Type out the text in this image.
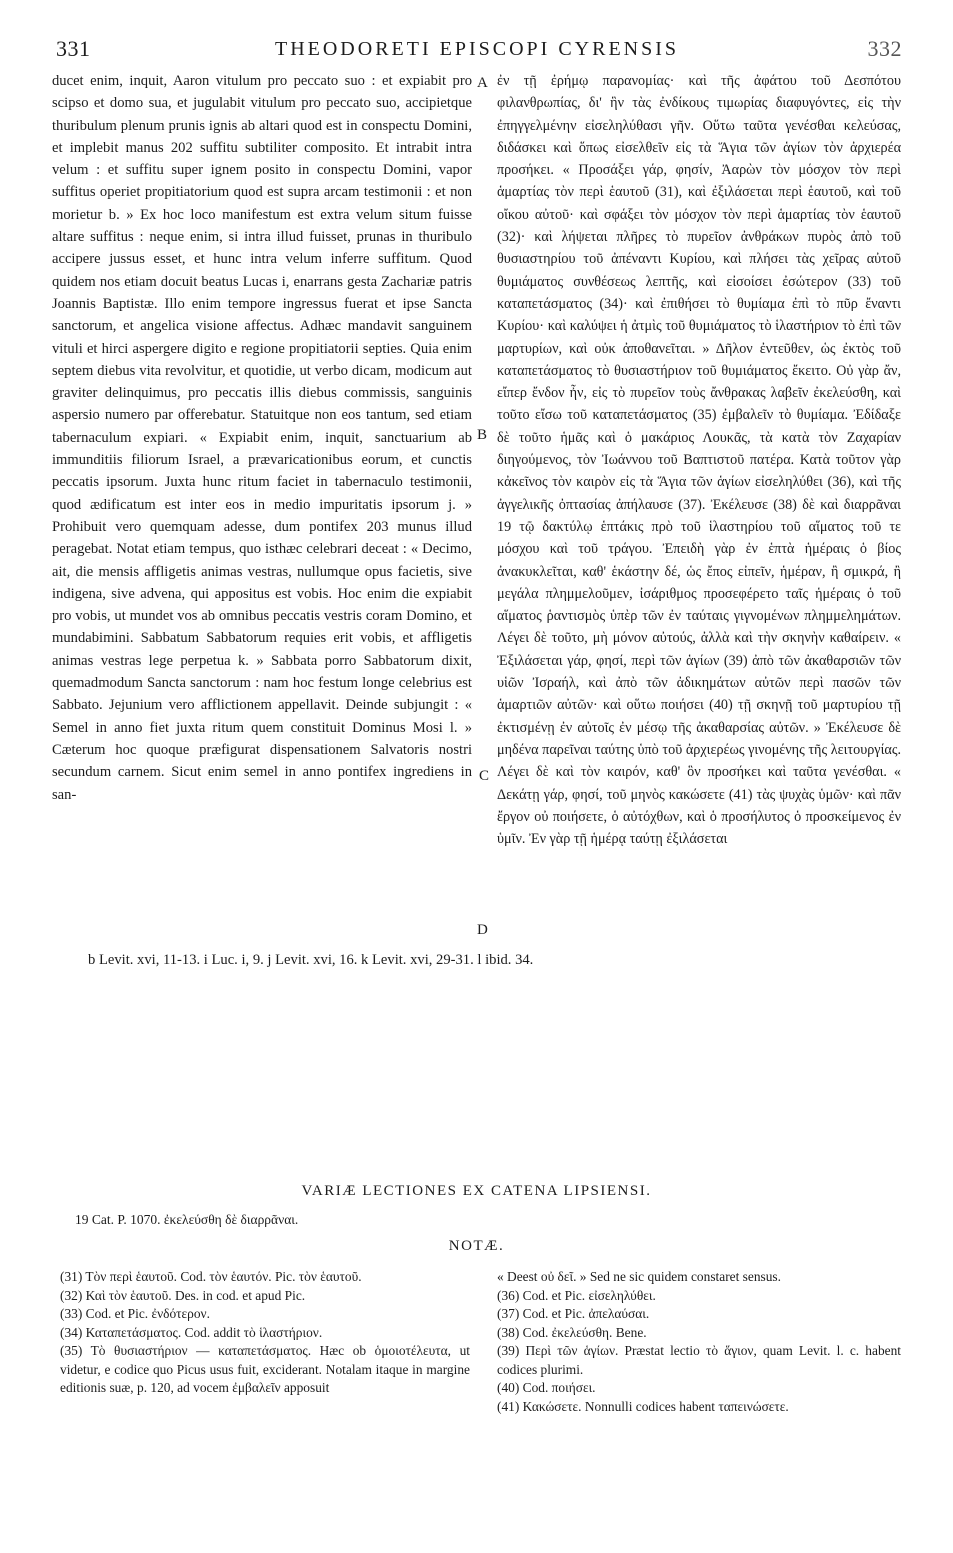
331	THEODORETI EPISCOPI CYRENSIS	332

ducet enim, inquit, Aaron vitulum pro peccato suo : et expiabit pro scipso et domo sua, et jugulabit vitulum pro peccato suo, accipietque thuribulum plenum prunis ignis ab altari quod est in conspectu Domini, et implebit manus 202 suffitu subtiliter composito. Et intrabit intra velum : et suffitu super ignem posito in conspectu Domini, vapor suffitus operiet propitiatorium quod est supra arcam testimonii : et non morietur b. » Ex hoc loco manifestum est extra velum situm fuisse altare suffitus : neque enim, si intra illud fuisset, prunas in thuribulo accipere jussus esset, et hunc intra velum inferre suffitum. Quod quidem nos etiam docuit beatus Lucas i, enarrans gesta Zachariæ patris Joannis Baptistæ. Illo enim tempore ingressus fuerat et ipse Sancta sanctorum, et angelica visione affectus. Adhæc mandavit sanguinem vituli et hirci aspergere digito e regione propitiatorii septies. Quia enim septem diebus vita revolvitur, et quotidie, ut verbo dicam, modicum aut graviter delinquimus, pro peccatis illis diebus commissis, sanguinis aspersio numero par offerebatur. Statuitque non eos tantum, sed etiam tabernaculum expiari. « Expiabit enim, inquit, sanctuarium ab immunditiis filiorum Israel, a prævaricationibus eorum, et cunctis peccatis ipsorum. Juxta hunc ritum faciet in tabernaculo testimonii, quod ædificatum est inter eos in medio impuritatis ipsorum j. » Prohibuit vero quemquam adesse, dum pontifex 203 munus illud peragebat. Notat etiam tempus, quo isthæc celebrari deceat : « Decimo, ait, die mensis affligetis animas vestras, nullumque opus facietis, sive indigena, sive advena, qui appositus est vobis. Hoc enim die expiabit pro vobis, ut mundet vos ab omnibus peccatis vestris coram Domino, et mundabimini. Sabbatum Sabbatorum requies erit vobis, et affligetis animas vestras lege perpetua k. » Sabbata porro Sabbatorum dixit, quemadmodum Sancta sanctorum : nam hoc festum longe celebrius est Sabbato. Jejunium vero afflictionem appellavit. Deinde subjungit : « Semel in anno fiet juxta ritum quem constituit Dominus Mosi l. » Cæterum hoc quoque præfigurat dispensationem Salvatoris nostri secundum carnem. Sicut enim semel in anno pontifex ingrediens in san-

A
B
C
D

ἐν τῇ ἐρήμῳ παρανομίας· καὶ τῆς ἀφάτου τοῦ Δεσπότου φιλανθρωπίας, δι' ἣν τὰς ἐνδίκους τιμωρίας διαφυγόντες, εἰς τὴν ἐπηγγελμένην εἰσεληλύθασι γῆν. Οὕτω ταῦτα γενέσθαι κελεύσας, διδάσκει καὶ ὅπως εἰσελθεῖν εἰς τὰ Ἅγια τῶν ἁγίων τὸν ἀρχιερέα προσήκει. « Προσάξει γάρ, φησίν, Ἀαρὼν τὸν μόσχον τὸν περὶ ἁμαρτίας τὸν περὶ ἑαυτοῦ (31), καὶ ἐξιλάσεται περὶ ἑαυτοῦ, καὶ τοῦ οἴκου αὐτοῦ· καὶ σφάξει τὸν μόσχον τὸν περὶ ἁμαρτίας τὸν ἑαυτοῦ (32)· καὶ λήψεται πλῆρες τὸ πυρεῖον ἀνθράκων πυρὸς ἀπὸ τοῦ θυσιαστηρίου τοῦ ἀπέναντι Κυρίου, καὶ πλήσει τὰς χεῖρας αὐτοῦ θυμιάματος συνθέσεως λεπτῆς, καὶ εἰσοίσει ἐσώτερον (33) τοῦ καταπετάσματος (34)· καὶ ἐπιθήσει τὸ θυμίαμα ἐπὶ τὸ πῦρ ἔναντι Κυρίου· καὶ καλύψει ἡ ἀτμὶς τοῦ θυμιάματος τὸ ἱλαστήριον τὸ ἐπὶ τῶν μαρτυρίων, καὶ οὐκ ἀποθανεῖται. » Δῆλον ἐντεῦθεν, ὡς ἐκτὸς τοῦ καταπετάσματος τὸ θυσιαστήριον τοῦ θυμιάματος ἔκειτο. Οὐ γὰρ ἄν, εἴπερ ἔνδον ἦν, εἰς τὸ πυρεῖον τοὺς ἄνθρακας λαβεῖν ἐκελεύσθη, καὶ τοῦτο εἴσω τοῦ καταπετάσματος (35) ἐμβαλεῖν τὸ θυμίαμα. Ἐδίδαξε δὲ τοῦτο ἡμᾶς καὶ ὁ μακάριος Λουκᾶς, τὰ κατὰ τὸν Ζαχαρίαν διηγούμενος, τὸν Ἰωάννου τοῦ Βαπτιστοῦ πατέρα. Κατὰ τοῦτον γὰρ κἀκεῖνος τὸν καιρὸν εἰς τὰ Ἅγια τῶν ἁγίων εἰσεληλύθει (36), καὶ τῆς ἀγγελικῆς ὀπτασίας ἀπήλαυσε (37). Ἐκέλευσε (38) δὲ καὶ διαρρᾶναι 19 τῷ δακτύλῳ ἑπτάκις πρὸ τοῦ ἱλαστηρίου τοῦ αἵματος τοῦ τε μόσχου καὶ τοῦ τράγου. Ἐπειδὴ γὰρ ἐν ἑπτὰ ἡμέραις ὁ βίος ἀνακυκλεῖται, καθ' ἑκάστην δέ, ὡς ἔπος εἰπεῖν, ἡμέραν, ἢ σμικρά, ἢ μεγάλα πλημμελοῦμεν, ἰσάριθμος προσεφέρετο ταῖς ἡμέραις ὁ τοῦ αἵματος ῥαντισμὸς ὑπὲρ τῶν ἐν ταύταις γιγνομένων πλημμελημάτων. Λέγει δὲ τοῦτο, μὴ μόνον αὐτούς, ἀλλὰ καὶ τὴν σκηνὴν καθαίρειν. « Ἐξιλάσεται γάρ, φησί, περὶ τῶν ἁγίων (39) ἀπὸ τῶν ἀκαθαρσιῶν τῶν υἱῶν Ἰσραήλ, καὶ ἀπὸ τῶν ἀδικημάτων αὐτῶν περὶ πασῶν τῶν ἁμαρτιῶν αὐτῶν· καὶ οὕτω ποιήσει (40) τῇ σκηνῇ τοῦ μαρτυρίου τῇ ἐκτισμένῃ ἐν αὐτοῖς ἐν μέσῳ τῆς ἀκαθαρσίας αὐτῶν. » Ἐκέλευσε δὲ μηδένα παρεῖναι ταύτης ὑπὸ τοῦ ἀρχιερέως γινομένης τῆς λειτουργίας. Λέγει δὲ καὶ τὸν καιρόν, καθ' ὃν προσήκει καὶ ταῦτα γενέσθαι. « Δεκάτῃ γάρ, φησί, τοῦ μηνὸς κακώσετε (41) τὰς ψυχὰς ὑμῶν· καὶ πᾶν ἔργον οὐ ποιήσετε, ὁ αὐτόχθων, καὶ ὁ προσήλυτος ὁ προσκείμενος ἐν ὑμῖν. Ἐν γὰρ τῇ ἡμέρᾳ ταύτῃ ἐξιλάσεται

b Levit. xvi, 11-13. i Luc. i, 9. j Levit. xvi, 16. k Levit. xvi, 29-31. l ibid. 34.
VARIÆ LECTIONES EX CATENA LIPSIENSI.
19 Cat. P. 1070. ἐκελεύσθη δὲ διαρρᾶναι.
NOTÆ.

(31) Τὸν περὶ ἑαυτοῦ. Cod. τὸν ἑαυτόν. Pic. τὸν ἑαυτοῦ.

(32) Καὶ τὸν ἑαυτοῦ. Des. in cod. et apud Pic.

(33) Cod. et Pic. ἐνδότερον.

(34) Καταπετάσματος. Cod. addit τὸ ἱλαστήριον.

(35) Τὸ θυσιαστήριον — καταπετάσματος. Hæc ob ὁμοιοτέλευτα, ut videtur, e codice quo Picus usus fuit, exciderant. Notalam itaque in margine editionis suæ, p. 120, ad vocem ἐμβαλεῖν apposuit

« Deest οὐ δεῖ. » Sed ne sic quidem constaret sensus.

(36) Cod. et Pic. εἰσεληλύθει.

(37) Cod. et Pic. ἀπελαύσαι.

(38) Cod. ἐκελεύσθη. Bene.

(39) Περὶ τῶν ἁγίων. Præstat lectio τὸ ἅγιον, quam Levit. l. c. habent codices plurimi.

(40) Cod. ποιήσει.

(41) Κακώσετε. Nonnulli codices habent ταπεινώσετε.
